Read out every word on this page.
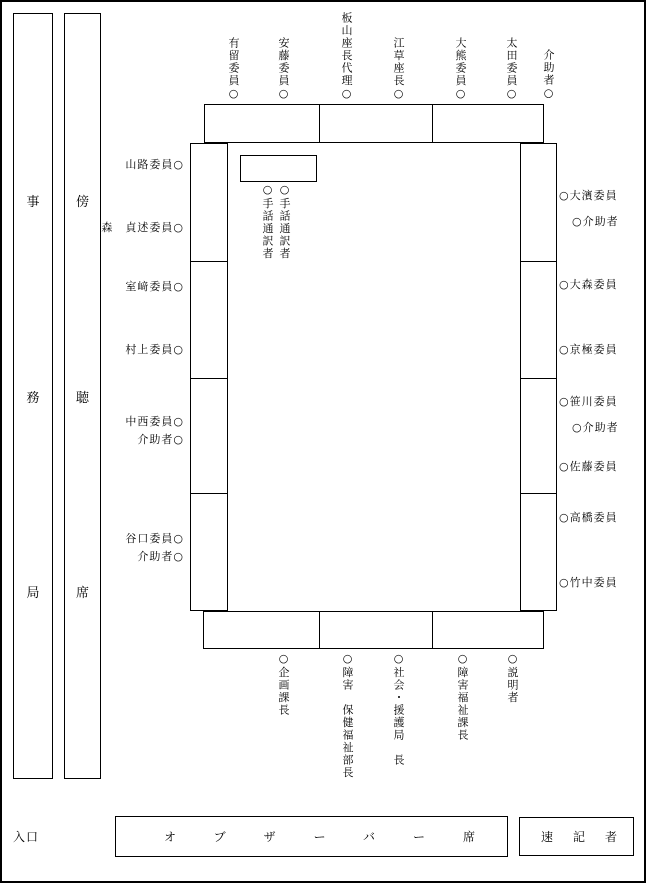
事
務
局
傍
聴
席
○手話通訳者 ○手話通訳者
有留委員○	安藤委員○	板山座長代理○	江草座長○	大熊委員○	太田委員○ 介助者○
山路委員○
森　貞述委員○
室﨑委員○
村上委員○
中西委員○
介助者○
谷口委員○
介助者○
○大濱委員
○介助者
○大森委員
○京極委員
○笹川委員
○介助者
○佐藤委員
○高橋委員
○竹中委員
○企画課長	○障害　保健福祉部長	○社会・援護局　長	○障害福祉課長	○説明者
入口	オブザーバー席 速記者
